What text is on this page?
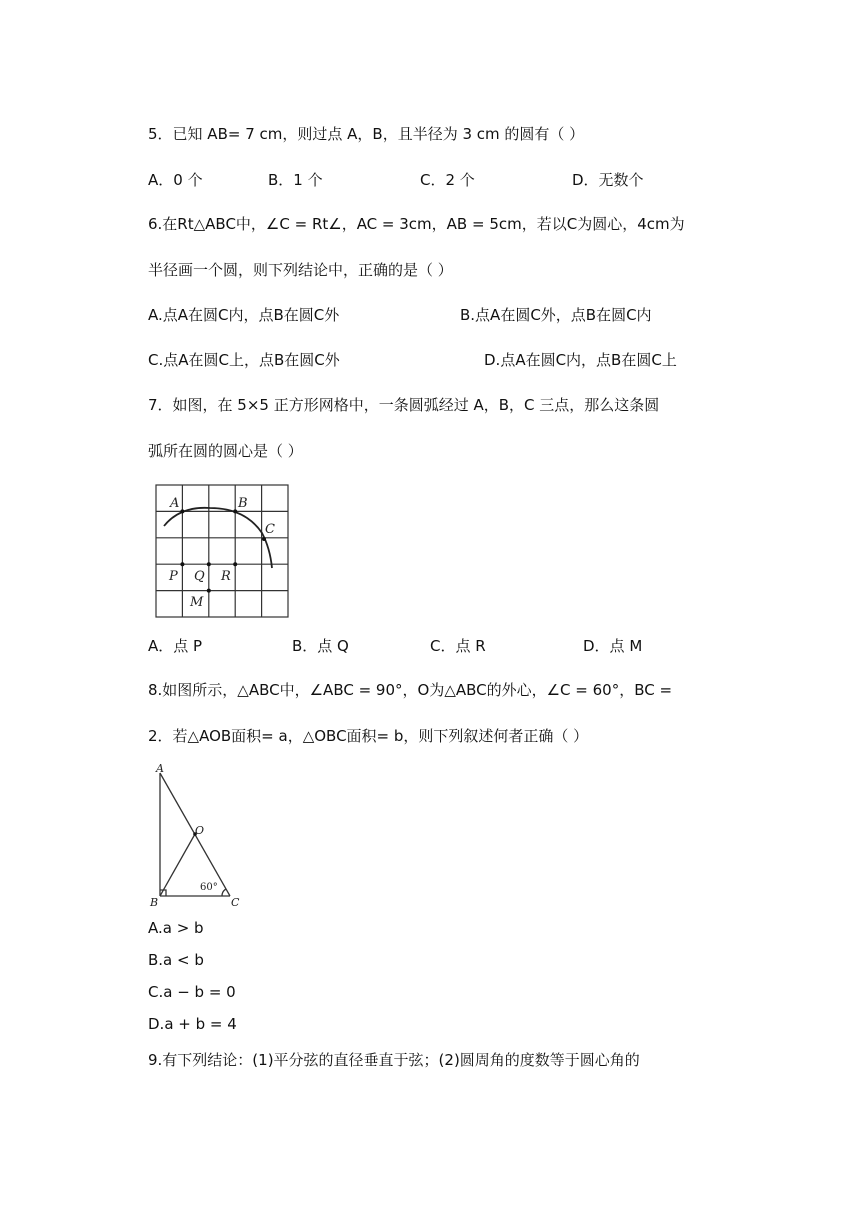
5．已知 AB= 7 cm，则过点 A，B，且半径为 3 cm 的圆有（ ）
A．0 个	B．1 个	C．2 个	D．无数个
6.在Rt△ABC中，∠C = Rt∠，AC = 3cm，AB = 5cm，若以C为圆心，4cm为
半径画一个圆，则下列结论中，正确的是（ ）
A.点A在圆C内，点B在圆C外	B.点A在圆C外，点B在圆C内
C.点A在圆C上，点B在圆C外	D.点A在圆C内，点B在圆C上
7．如图，在 5×5 正方形网格中，一条圆弧经过 A，B，C 三点，那么这条圆
弧所在圆的圆心是（ ）
A	B
C
P Q R
M
A．点 P	B．点 Q	C．点 R	D．点 M
8.如图所示，△ABC中，∠ABC = 90°，O为△ABC的外心，∠C = 60°，BC =
2．若△AOB面积= a，△OBC面积= b，则下列叙述何者正确（ ）
A
O
B	C
60°
A.a > b
B.a < b
C.a − b = 0
D.a + b = 4
9.有下列结论：(1)平分弦的直径垂直于弦；(2)圆周角的度数等于圆心角的
